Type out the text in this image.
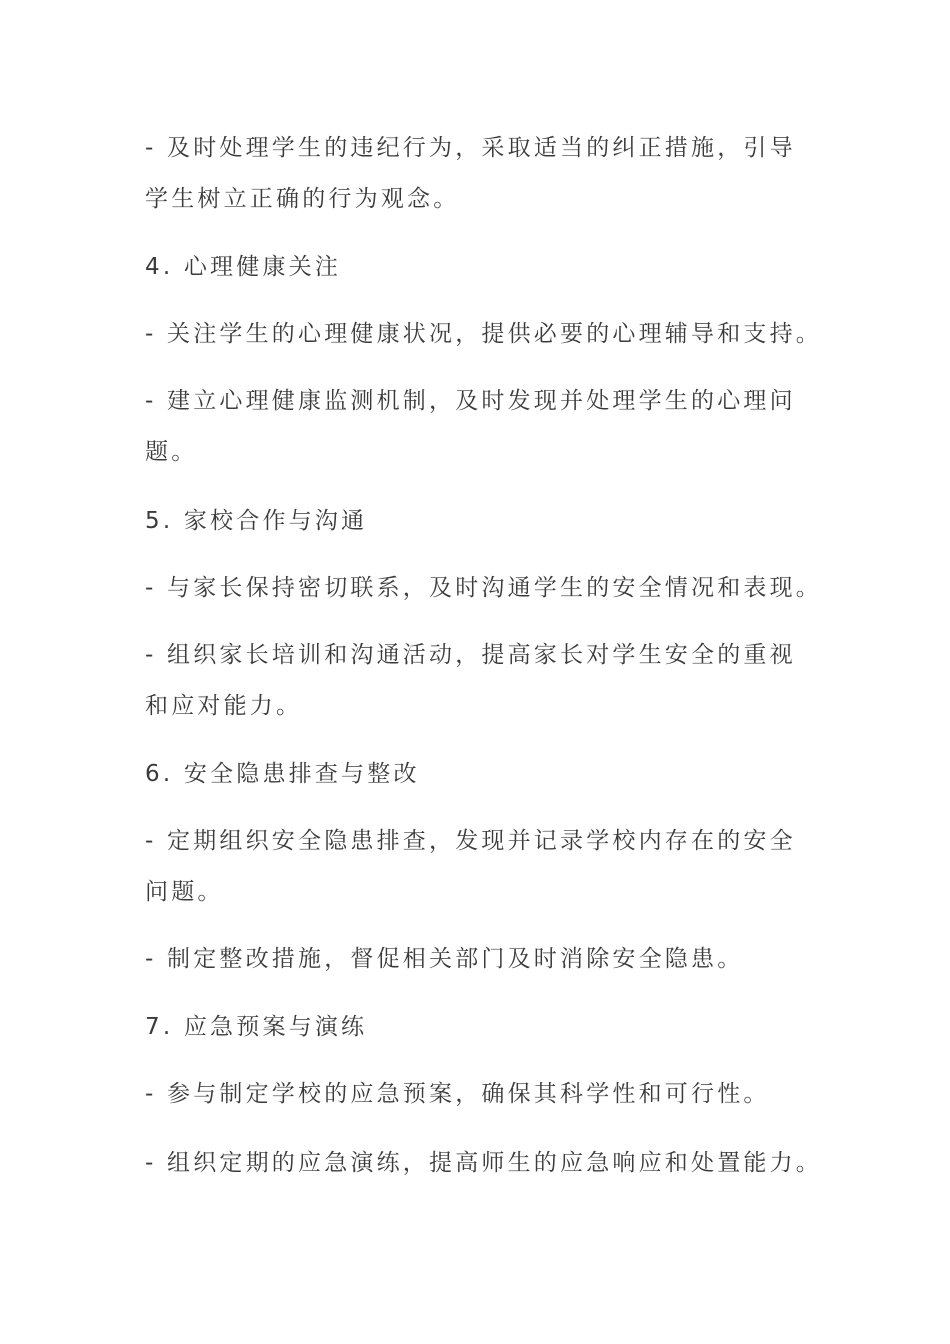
- 及时处理学生的违纪行为，采取适当的纠正措施，引导

学生树立正确的行为观念。

4. 心理健康关注

- 关注学生的心理健康状况，提供必要的心理辅导和支持。

- 建立心理健康监测机制，及时发现并处理学生的心理问

题。

5. 家校合作与沟通

- 与家长保持密切联系，及时沟通学生的安全情况和表现。

- 组织家长培训和沟通活动，提高家长对学生安全的重视

和应对能力。

6. 安全隐患排查与整改

- 定期组织安全隐患排查，发现并记录学校内存在的安全

问题。

- 制定整改措施，督促相关部门及时消除安全隐患。

7. 应急预案与演练

- 参与制定学校的应急预案，确保其科学性和可行性。

- 组织定期的应急演练，提高师生的应急响应和处置能力。
